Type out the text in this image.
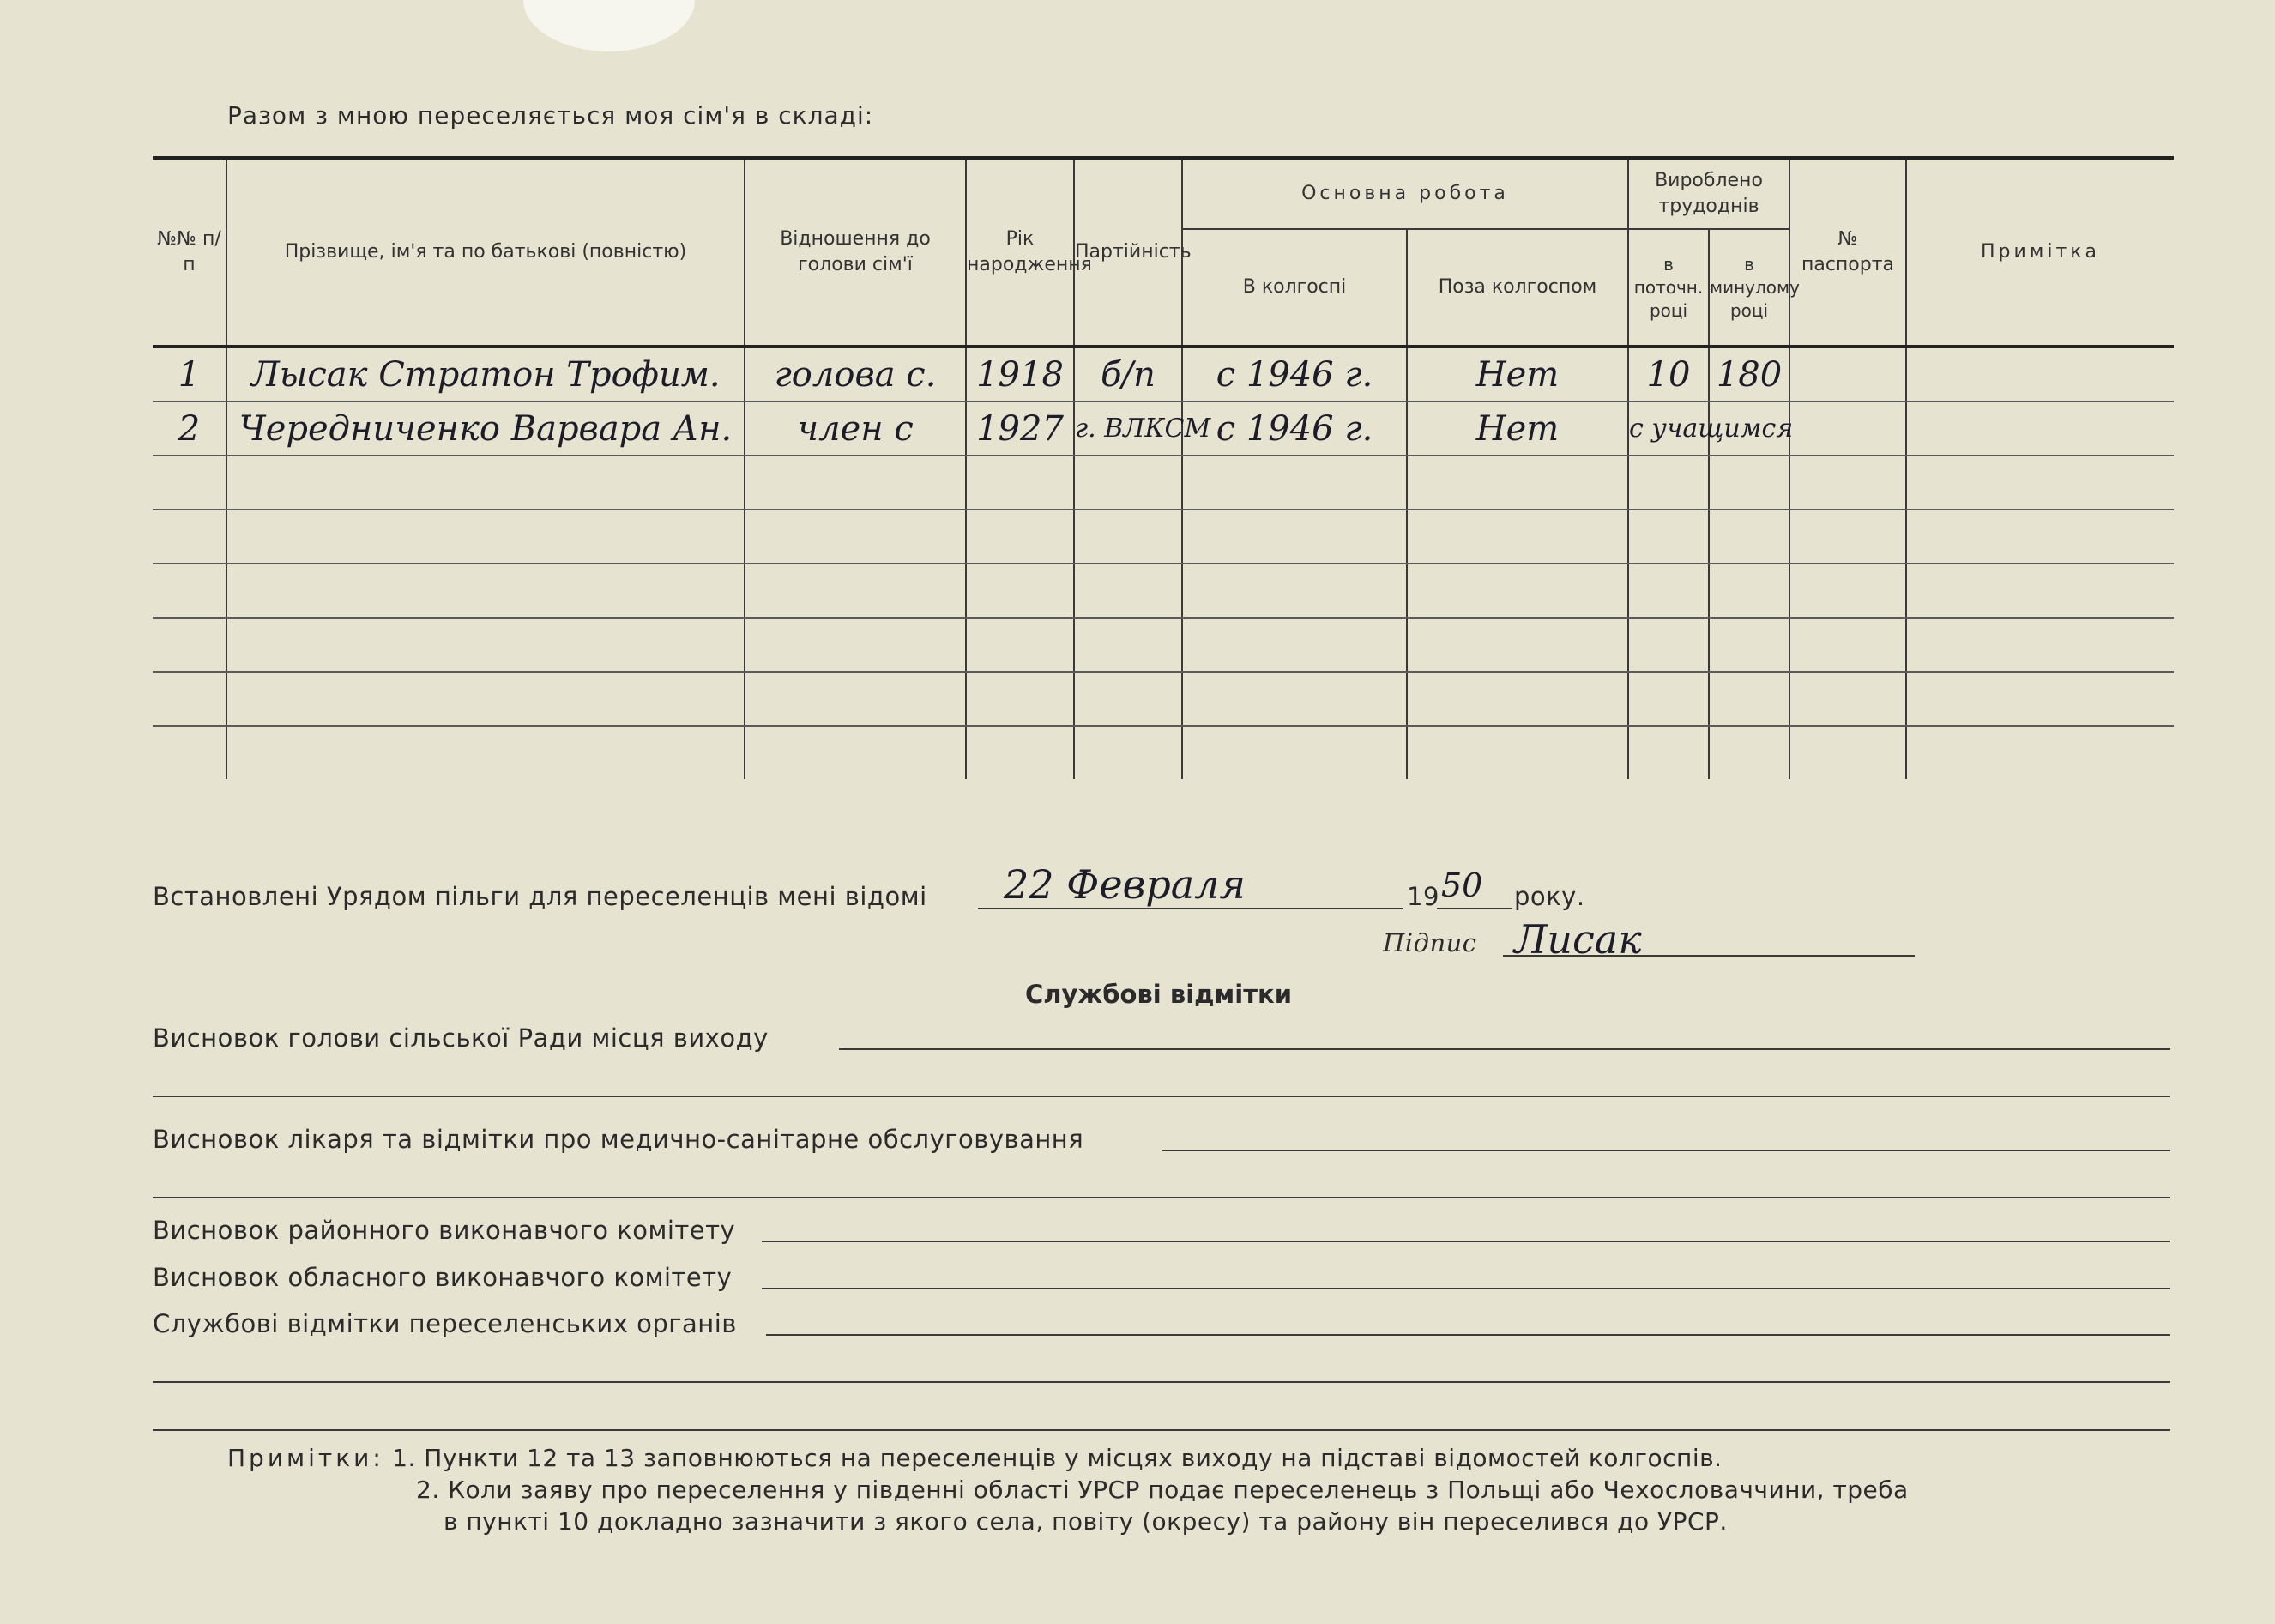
Разом з мною переселяється моя сім'я в складі:
№№ п/п	Прізвище, ім'я та по батькові (повністю)	Відношення до голови сім'ї	Рік народження	Партійність	Основна робота		Вироблено трудоднів		№ паспорта	Примітка
					В колгоспі	Поза колгоспом	в поточн. році	в минулому році		
1	Лысак Стратон Трофим.	голова с.	1918	б/п	с 1946 г.	Нет	10	180		
2	Чередниченко Варвара Ан.	член с	1927	г. ВЛКСМ	с 1946 г.	Нет	с учащимся			

Встановлені Урядом пільги для переселенців мені відомі 22 Февраля	19 50 року.
Підпис Лисак
Службові відмітки
Висновок голови сільської Ради місця виходу
Висновок лікаря та відмітки про медично-санітарне обслуговування
Висновок районного виконавчого комітету
Висновок обласного виконавчого комітету
Службові відмітки переселенських органів
Примітки: 1. Пункти 12 та 13 заповнюються на переселенців у місцях виходу на підставі відомостей колгоспів.
2. Коли заяву про переселення у південні області УРСР подає переселенець з Польщі або Чехословаччини, треба
в пункті 10 докладно зазначити з якого села, повіту (окресу) та району він переселився до УРСР.
